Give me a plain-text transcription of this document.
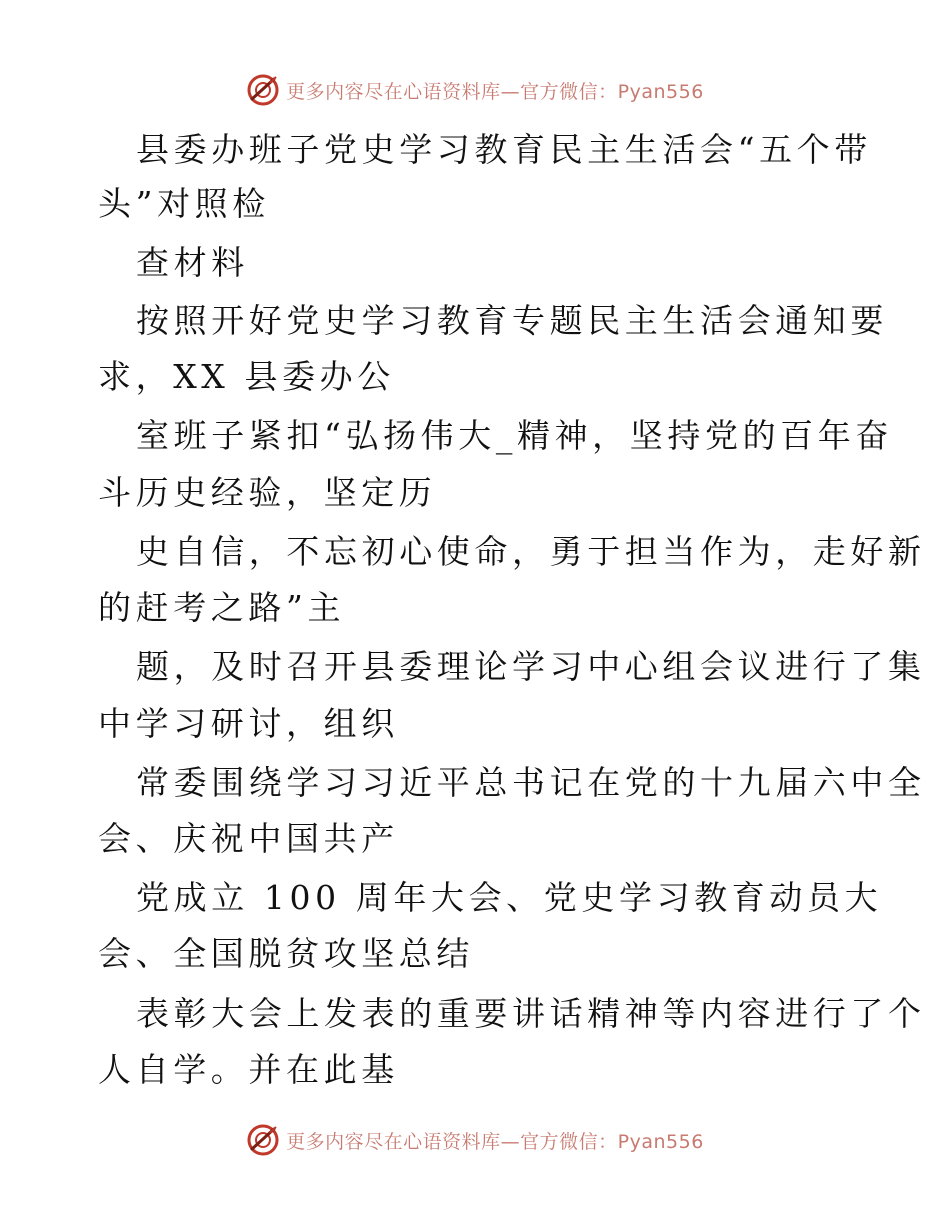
更多内容尽在心语资料库—官方微信：Pyan556
县委办班子党史学习教育民主生活会“五个带
头”对照检
查材料
按照开好党史学习教育专题民主生活会通知要
求，XX 县委办公
室班子紧扣“弘扬伟大_精神，坚持党的百年奋
斗历史经验，坚定历
史自信，不忘初心使命，勇于担当作为，走好新
的赶考之路”主
题，及时召开县委理论学习中心组会议进行了集
中学习研讨，组织
常委围绕学习习近平总书记在党的十九届六中全
会、庆祝中国共产
党成立 100 周年大会、党史学习教育动员大
会、全国脱贫攻坚总结
表彰大会上发表的重要讲话精神等内容进行了个
人自学。并在此基
更多内容尽在心语资料库—官方微信：Pyan556
